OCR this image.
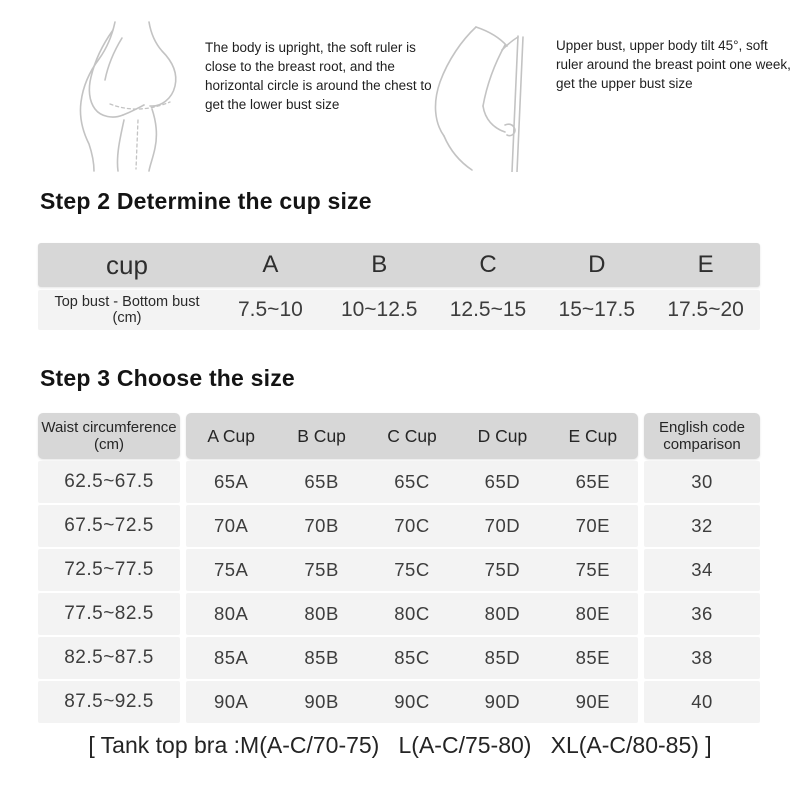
The body is upright, the soft ruler is close to the breast root, and the horizontal circle is around the chest to get the lower bust size

Upper bust, upper body tilt 45°, soft ruler around the breast point one week, get the upper bust size

Step 2 Determine the cup size
cup	A	B	C	D	E
Top bust - Bottom bust (cm)	7.5~10	10~12.5	12.5~15	15~17.5	17.5~20
Step 3 Choose the size
Waist circumference (cm)	A Cup	B Cup	C Cup	D Cup	E Cup	English code comparison
62.5~67.5	65A	65B	65C	65D	65E	30
67.5~72.5	70A	70B	70C	70D	70E	32
72.5~77.5	75A	75B	75C	75D	75E	34
77.5~82.5	80A	80B	80C	80D	80E	36
82.5~87.5	85A	85B	85C	85D	85E	38
87.5~92.5	90A	90B	90C	90D	90E	40

[ Tank top bra :M(A-C/70-75)   L(A-C/75-80)   XL(A-C/80-85) ]
